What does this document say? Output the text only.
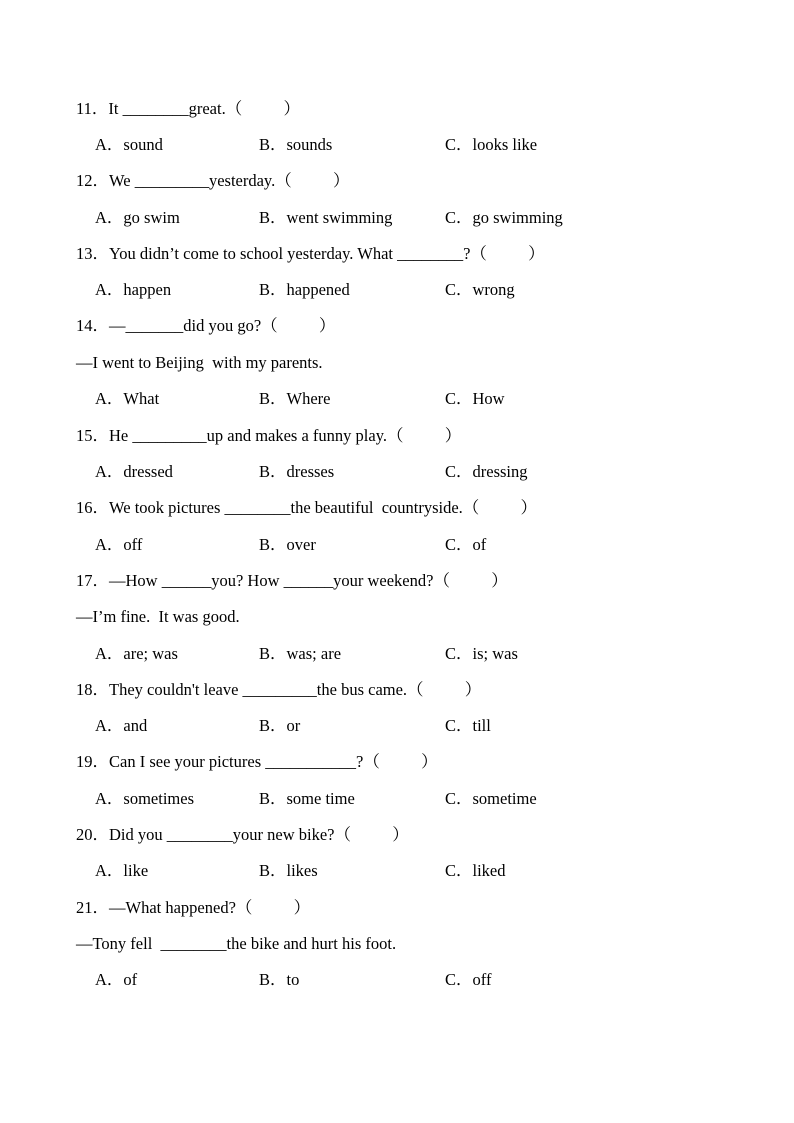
11．It ________great.（          ）
A．sound	B．sounds	C．looks like
12．We _________yesterday.（          ）
A．go swim	B．went swimming	C．go swimming
13．You didn’t come to school yesterday. What ________?（          ）
A．happen	B．happened	C．wrong
14．—_______did you go?（          ）
—I went to Beijing  with my parents.
A．What	B．Where	C．How
15．He _________up and makes a funny play.（          ）
A．dressed	B．dresses	C．dressing
16．We took pictures ________the beautiful  countryside.（          ）
A．off	B．over	C．of
17．—How ______you? How ______your weekend?（          ）
—I’m fine.  It was good.
A．are; was	B．was; are	C．is; was
18．They couldn't leave _________the bus came.（          ）
A．and	B．or	C．till
19．Can I see your pictures ___________?（          ）
A．sometimes	B．some time	C．sometime
20．Did you ________your new bike?（          ）
A．like	B．likes	C．liked
21．—What happened?（          ）
—Tony fell  ________the bike and hurt his foot.
A．of	B．to	C．off
